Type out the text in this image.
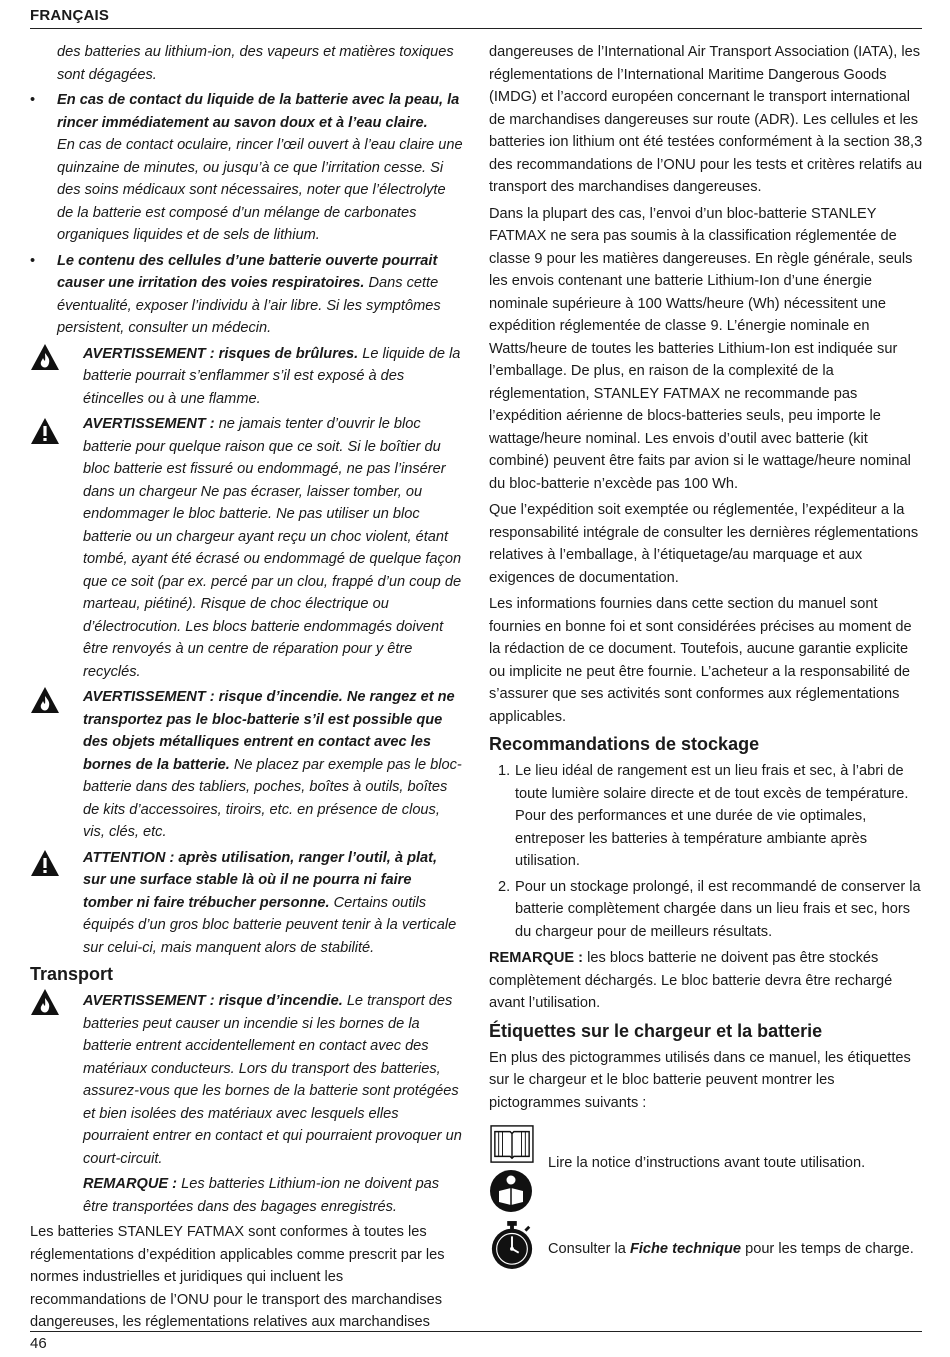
FRANÇAIS

des batteries au lithium-ion, des vapeurs et matières toxiques sont dégagées.

• En cas de contact du liquide de la batterie avec la peau, la rincer immédiatement au savon doux et à l’eau claire.
En cas de contact oculaire, rincer l’œil ouvert à l’eau claire une quinzaine de minutes, ou jusqu’à ce que l’irritation cesse. Si des soins médicaux sont nécessaires, noter que l’électrolyte de la batterie est composé d’un mélange de carbonates organiques liquides et de sels de lithium.
• Le contenu des cellules d’une batterie ouverte pourrait causer une irritation des voies respiratoires. Dans cette éventualité, exposer l’individu à l’air libre. Si les symptômes persistent, consulter un médecin.
AVERTISSEMENT : risques de brûlures. Le liquide de la batterie pourrait s’enflammer s’il est exposé à des étincelles ou à une flamme.
AVERTISSEMENT : ne jamais tenter d’ouvrir le bloc batterie pour quelque raison que ce soit. Si le boîtier du bloc batterie est fissuré ou endommagé, ne pas l’insérer dans un chargeur Ne pas écraser, laisser tomber, ou endommager le bloc batterie. Ne pas utiliser un bloc batterie ou un chargeur ayant reçu un choc violent, étant tombé, ayant été écrasé ou endommagé de quelque façon que ce soit (par ex. percé par un clou, frappé d’un coup de marteau, piétiné). Risque de choc électrique ou d’électrocution. Les blocs batterie endommagés doivent être renvoyés à un centre de réparation pour y être recyclés.
AVERTISSEMENT : risque d’incendie. Ne rangez et ne transportez pas le bloc-batterie s’il est possible que des objets métalliques entrent en contact avec les bornes de la batterie. Ne placez par exemple pas le bloc-batterie dans des tabliers, poches, boîtes à outils, boîtes de kits d’accessoires, tiroirs, etc. en présence de clous, vis, clés, etc.
ATTENTION : après utilisation, ranger l’outil, à plat, sur une surface stable là où il ne pourra ni faire tomber ni faire trébucher personne. Certains outils équipés d’un gros bloc batterie peuvent tenir à la verticale sur celui-ci, mais manquent alors de stabilité.
Transport
AVERTISSEMENT : risque d’incendie. Le transport des batteries peut causer un incendie si les bornes de la batterie entrent accidentellement en contact avec des matériaux conducteurs. Lors du transport des batteries, assurez-vous que les bornes de la batterie sont protégées et bien isolées des matériaux avec lesquels elles pourraient entrer en contact et qui pourraient provoquer un court-circuit.
REMARQUE : Les batteries Lithium-ion ne doivent pas être transportées dans des bagages enregistrés.

Les batteries STANLEY FATMAX sont conformes à toutes les réglementations d’expédition applicables comme prescrit par les normes industrielles et juridiques qui incluent les recommandations de l’ONU pour le transport des marchandises dangereuses, les réglementations relatives aux marchandises

dangereuses de l’International Air Transport Association (IATA), les réglementations de l’International Maritime Dangerous Goods (IMDG) et l’accord européen concernant le transport international de marchandises dangereuses sur route (ADR). Les cellules et les batteries ion lithium ont été testées conformément à la section 38,3 des recommandations de l’ONU pour les tests et critères relatifs au transport des marchandises dangereuses.

Dans la plupart des cas, l’envoi d’un bloc-batterie STANLEY FATMAX ne sera pas soumis à la classification réglementée de classe 9 pour les matières dangereuses. En règle générale, seuls les envois contenant une batterie Lithium-Ion d’une énergie nominale supérieure à 100 Watts/heure (Wh) nécessitent une expédition réglementée de classe 9. L’énergie nominale en Watts/heure de toutes les batteries Lithium-Ion est indiquée sur l’emballage. De plus, en raison de la complexité de la réglementation, STANLEY FATMAX ne recommande pas l’expédition aérienne de blocs-batteries seuls, peu importe le wattage/heure nominal. Les envois d’outil avec batterie (kit combiné) peuvent être faits par avion si le wattage/heure nominal du bloc-batterie n’excède pas 100 Wh.

Que l’expédition soit exemptée ou réglementée, l’expéditeur a la responsabilité intégrale de consulter les dernières réglementations relatives à l’emballage, à l’étiquetage/au marquage et aux exigences de documentation.

Les informations fournies dans cette section du manuel sont fournies en bonne foi et sont considérées précises au moment de la rédaction de ce document. Toutefois, aucune garantie explicite ou implicite ne peut être fournie. L’acheteur a la responsabilité de s’assurer que ses activités sont conformes aux réglementations applicables.

Recommandations de stockage
1. Le lieu idéal de rangement est un lieu frais et sec, à l’abri de toute lumière solaire directe et de tout excès de température. Pour des performances et une durée de vie optimales, entreposer les batteries à température ambiante après utilisation.
2. Pour un stockage prolongé, il est recommandé de conserver la batterie complètement chargée dans un lieu frais et sec, hors du chargeur pour de meilleurs résultats.

REMARQUE : les blocs batterie ne doivent pas être stockés complètement déchargés. Le bloc batterie devra être rechargé avant l’utilisation.

Étiquettes sur le chargeur et la batterie

En plus des pictogrammes utilisés dans ce manuel, les étiquettes sur le chargeur et le bloc batterie peuvent montrer les pictogrammes suivants :

Lire la notice d’instructions avant toute utilisation.
Consulter la Fiche technique pour les temps de charge.
46
